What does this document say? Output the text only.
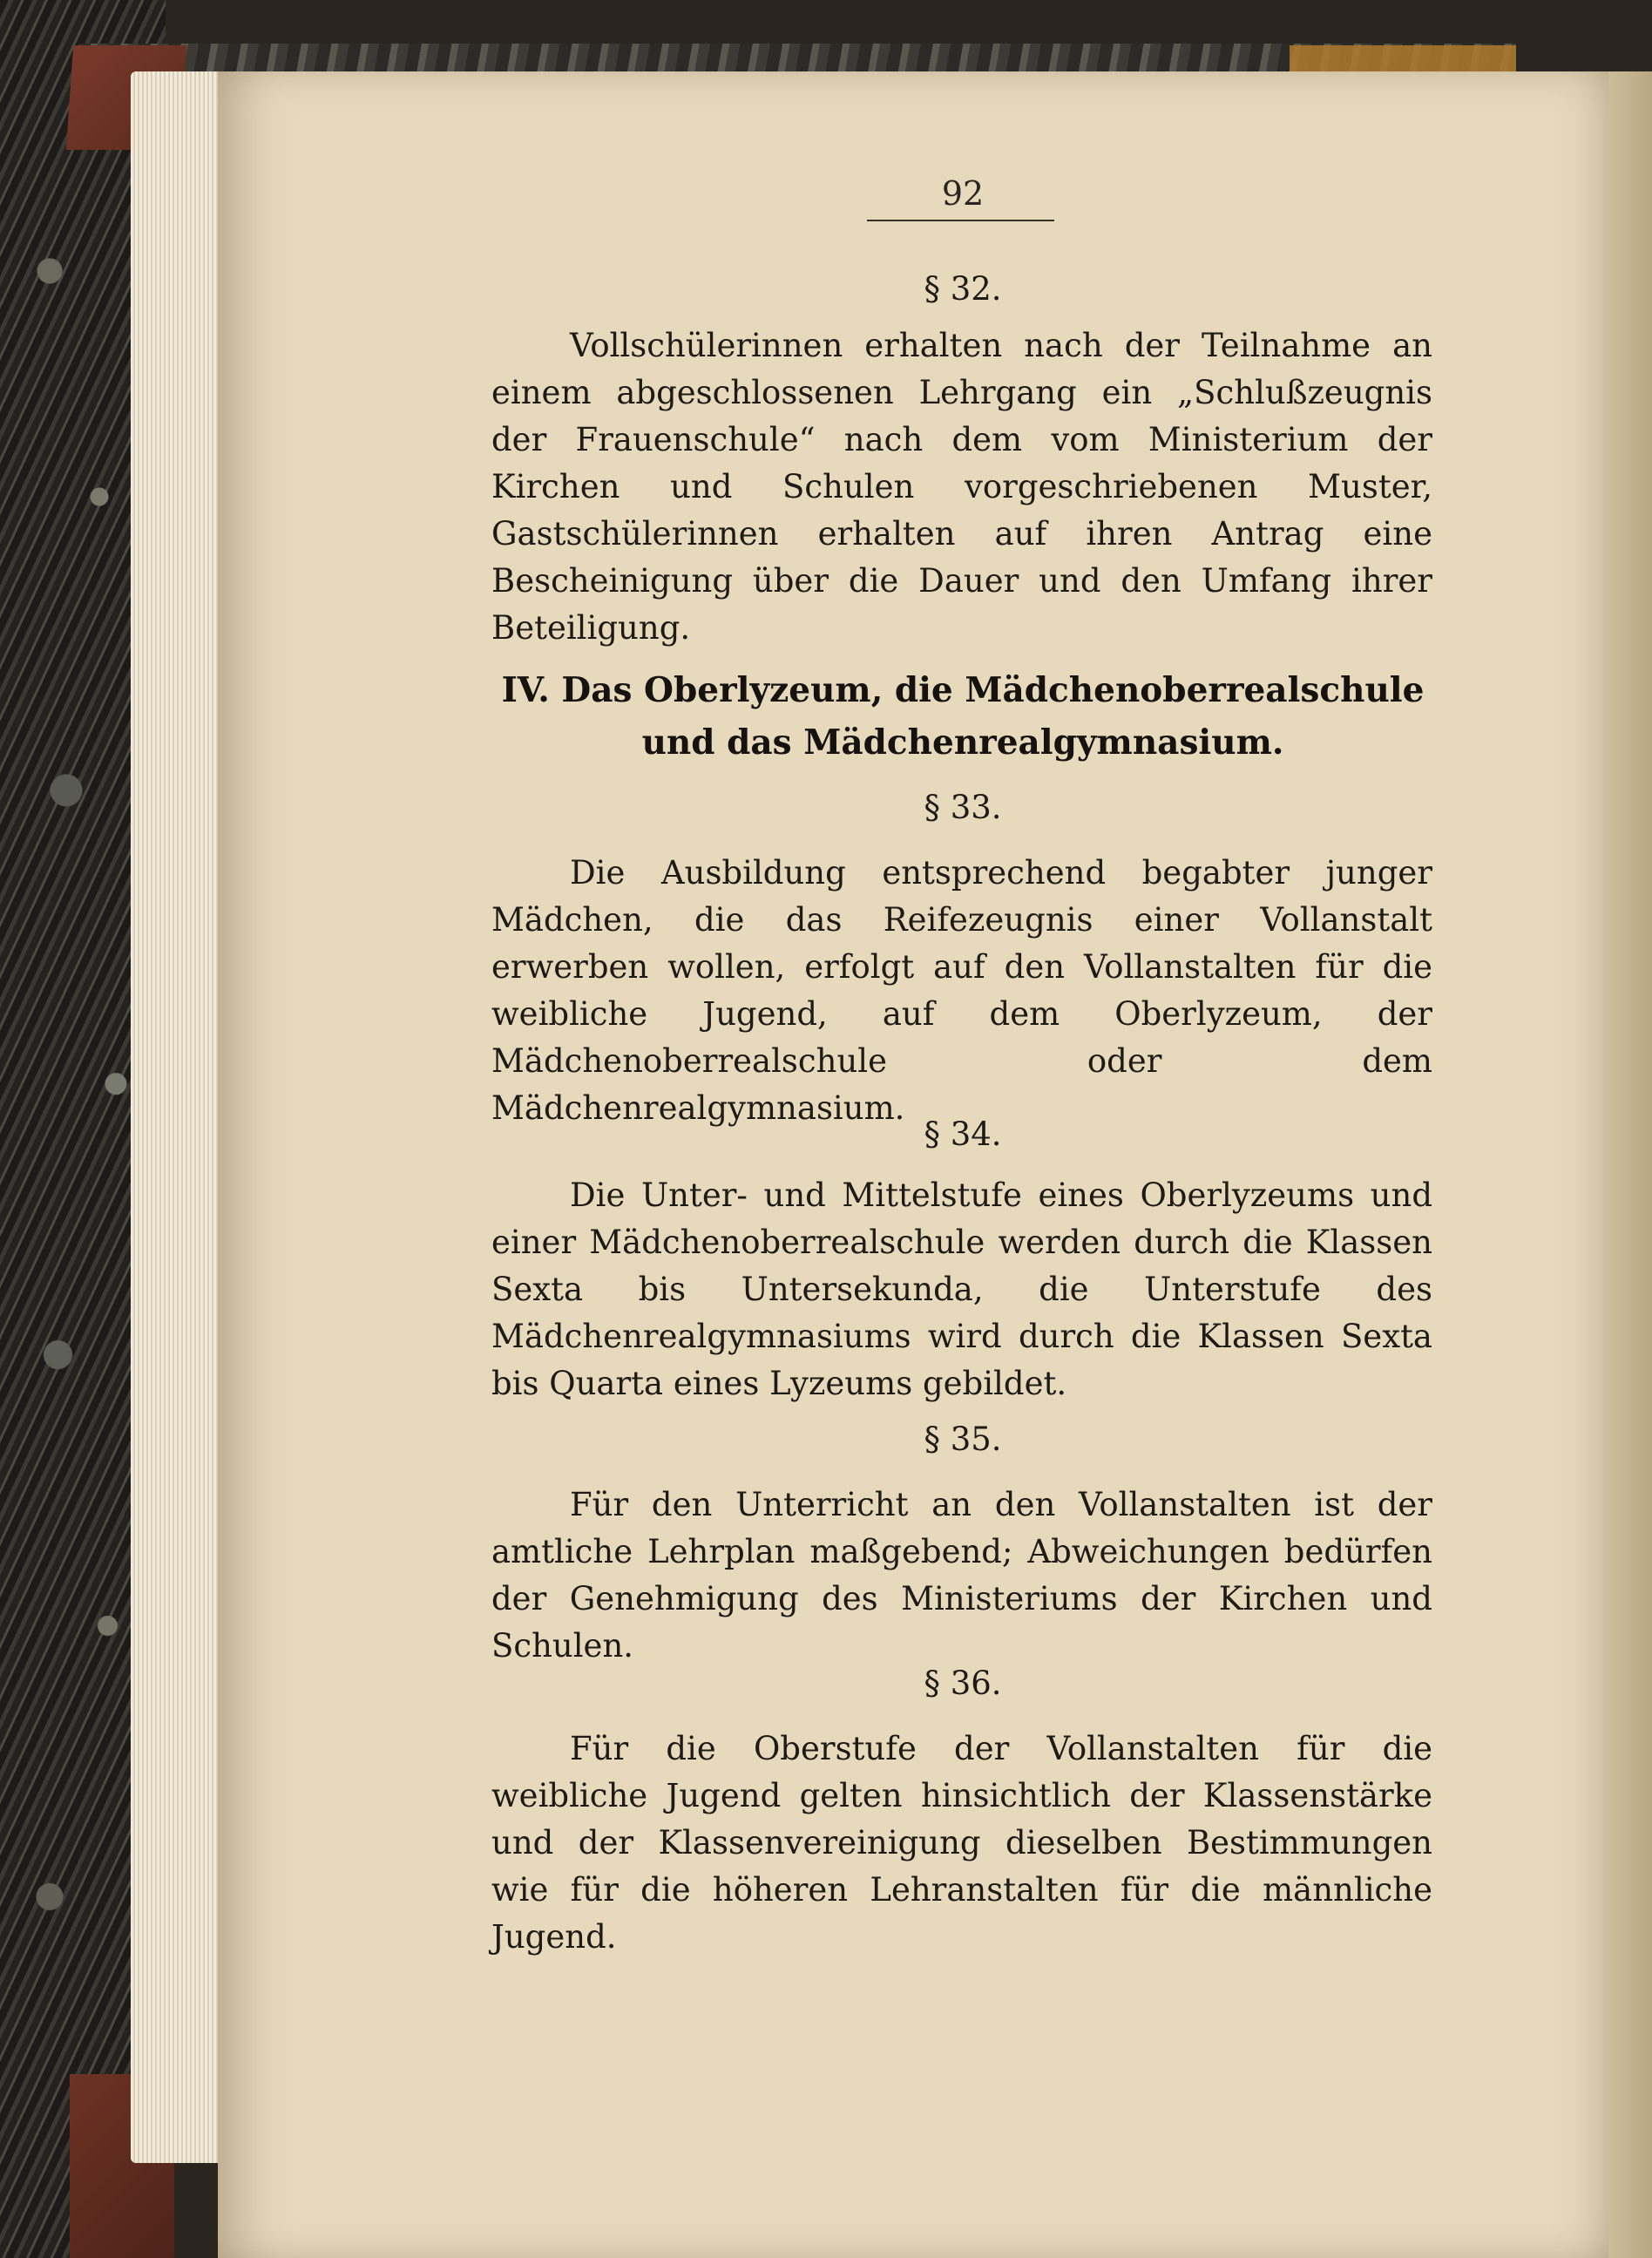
92
§ 32.

Vollschülerinnen erhalten nach der Teilnahme an einem abgeschlossenen Lehrgang ein „Schlußzeugnis der Frauenschule“ nach dem vom Ministerium der Kirchen und Schulen vorgeschriebenen Muster, Gastschülerinnen erhalten auf ihren Antrag eine Bescheinigung über die Dauer und den Umfang ihrer Beteiligung.

IV. Das Oberlyzeum, die Mädchenoberrealschule und das Mädchenrealgymnasium.

§ 33.

Die Ausbildung entsprechend begabter junger Mädchen, die das Reifezeugnis einer Vollanstalt erwerben wollen, erfolgt auf den Vollanstalten für die weibliche Jugend, auf dem Oberlyzeum, der Mädchenoberrealschule oder dem Mädchenrealgymnasium.

§ 34.

Die Unter- und Mittelstufe eines Oberlyzeums und einer Mädchenoberrealschule werden durch die Klassen Sexta bis Untersekunda, die Unterstufe des Mädchenrealgymnasiums wird durch die Klassen Sexta bis Quarta eines Lyzeums gebildet.

§ 35.

Für den Unterricht an den Vollanstalten ist der amtliche Lehrplan maßgebend; Abweichungen bedürfen der Genehmigung des Ministeriums der Kirchen und Schulen.

§ 36.

Für die Oberstufe der Vollanstalten für die weibliche Jugend gelten hinsichtlich der Klassenstärke und der Klassenvereinigung dieselben Bestimmungen wie für die höheren Lehranstalten für die männliche Jugend.
